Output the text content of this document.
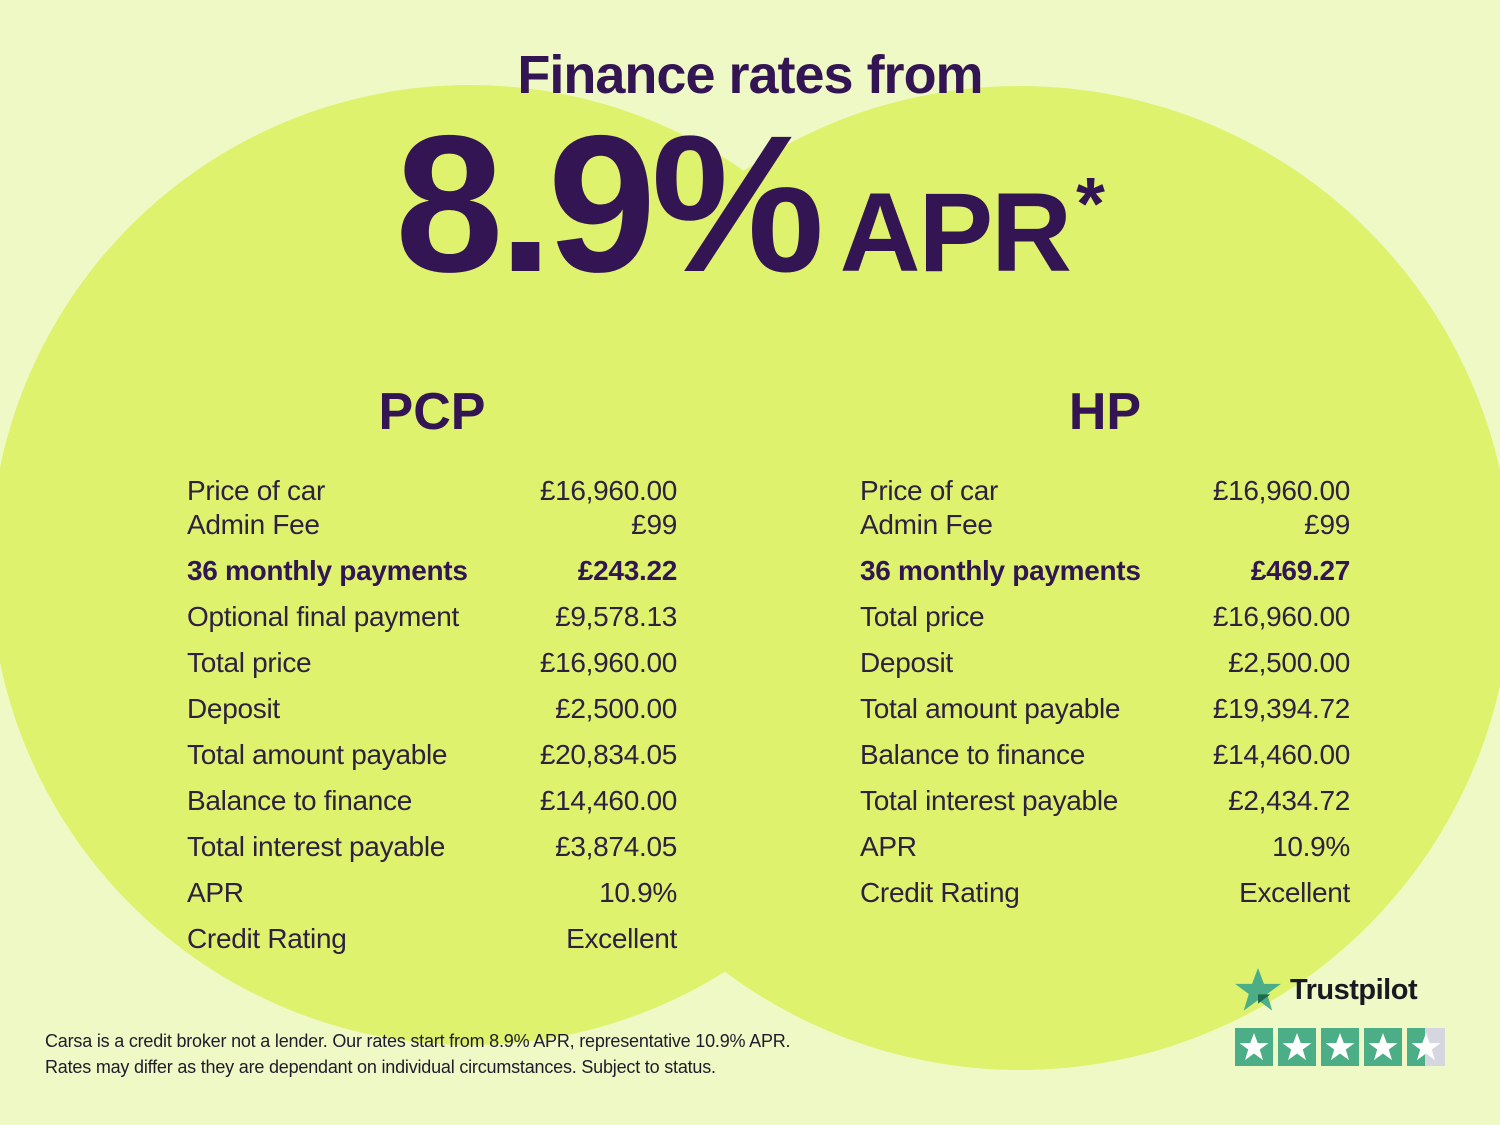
Finance rates from
8.9% APR *
PCP
Price of car	£16,960.00
Admin Fee	£99
36 monthly payments	£243.22
Optional final payment	£9,578.13
Total price	£16,960.00
Deposit	£2,500.00
Total amount payable	£20,834.05
Balance to finance	£14,460.00
Total interest payable	£3,874.05
APR	10.9%
Credit Rating	Excellent
HP
Price of car	£16,960.00
Admin Fee	£99
36 monthly payments	£469.27
Total price	£16,960.00
Deposit	£2,500.00
Total amount payable	£19,394.72
Balance to finance	£14,460.00
Total interest payable	£2,434.72
APR	10.9%
Credit Rating	Excellent

Carsa is a credit broker not a lender. Our rates start from 8.9% APR, representative 10.9% APR.
Rates may differ as they are dependant on individual circumstances. Subject to status.

Trustpilot
